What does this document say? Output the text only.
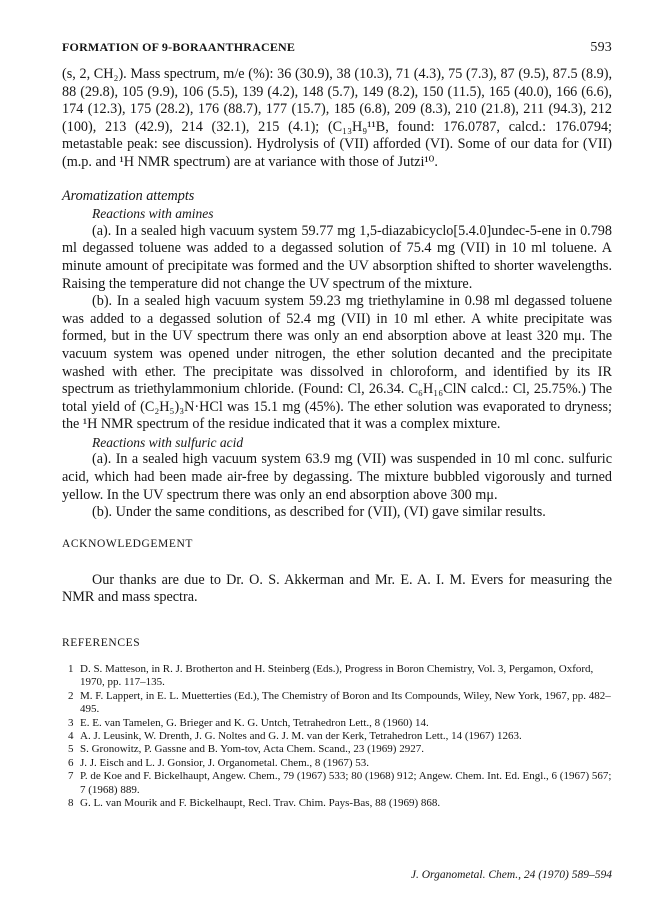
FORMATION OF 9-BORAANTHRACENE	593

(s, 2, CH₂). Mass spectrum, m/e (%): 36 (30.9), 38 (10.3), 71 (4.3), 75 (7.3), 87 (9.5), 87.5 (8.9), 88 (29.8), 105 (9.9), 106 (5.5), 139 (4.2), 148 (5.7), 149 (8.2), 150 (11.5), 165 (40.0), 166 (6.6), 174 (12.3), 175 (28.2), 176 (88.7), 177 (15.7), 185 (6.8), 209 (8.3), 210 (21.8), 211 (94.3), 212 (100), 213 (42.9), 214 (32.1), 215 (4.1); (C₁₃H₉¹¹B, found: 176.0787, calcd.: 176.0794; metastable peak: see discussion). Hydrolysis of (VII) afforded (VI). Some of our data for (VII) (m.p. and ¹H NMR spectrum) are at variance with those of Jutzi¹⁰.

Aromatization attempts
Reactions with amines

(a). In a sealed high vacuum system 59.77 mg 1,5-diazabicyclo[5.4.0]undec-5-ene in 0.798 ml degassed toluene was added to a degassed solution of 75.4 mg (VII) in 10 ml toluene. A minute amount of precipitate was formed and the UV absorption shifted to shorter wavelengths. Raising the temperature did not change the UV spectrum of the mixture.

(b). In a sealed high vacuum system 59.23 mg triethylamine in 0.98 ml degassed toluene was added to a degassed solution of 52.4 mg (VII) in 10 ml ether. A white precipitate was formed, but in the UV spectrum there was only an end absorption above at least 320 mμ. The vacuum system was opened under nitrogen, the ether solution decanted and the precipitate washed with ether. The precipitate was dissolved in chloroform, and identified by its IR spectrum as triethylammonium chloride. (Found: Cl, 26.34. C₆H₁₆ClN calcd.: Cl, 25.75%.) The total yield of (C₂H₅)₃N·HCl was 15.1 mg (45%). The ether solution was evaporated to dryness; the ¹H NMR spectrum of the residue indicated that it was a complex mixture.

Reactions with sulfuric acid

(a). In a sealed high vacuum system 63.9 mg (VII) was suspended in 10 ml conc. sulfuric acid, which had been made air-free by degassing. The mixture bubbled vigorously and turned yellow. In the UV spectrum there was only an end absorption above 300 mμ.

(b). Under the same conditions, as described for (VII), (VI) gave similar results.

ACKNOWLEDGEMENT

Our thanks are due to Dr. O. S. Akkerman and Mr. E. A. I. M. Evers for measuring the NMR and mass spectra.

REFERENCES
1 D. S. Matteson, in R. J. Brotherton and H. Steinberg (Eds.), Progress in Boron Chemistry, Vol. 3, Pergamon, Oxford, 1970, pp. 117–135.
2 M. F. Lappert, in E. L. Muetterties (Ed.), The Chemistry of Boron and Its Compounds, Wiley, New York, 1967, pp. 482–495.
3 E. E. van Tamelen, G. Brieger and K. G. Untch, Tetrahedron Lett., 8 (1960) 14.
4 A. J. Leusink, W. Drenth, J. G. Noltes and G. J. M. van der Kerk, Tetrahedron Lett., 14 (1967) 1263.
5 S. Gronowitz, P. Gassne and B. Yom-tov, Acta Chem. Scand., 23 (1969) 2927.
6 J. J. Eisch and L. J. Gonsior, J. Organometal. Chem., 8 (1967) 53.
7 P. de Koe and F. Bickelhaupt, Angew. Chem., 79 (1967) 533; 80 (1968) 912; Angew. Chem. Int. Ed. Engl., 6 (1967) 567; 7 (1968) 889.
8 G. L. van Mourik and F. Bickelhaupt, Recl. Trav. Chim. Pays-Bas, 88 (1969) 868.
J. Organometal. Chem., 24 (1970) 589–594
